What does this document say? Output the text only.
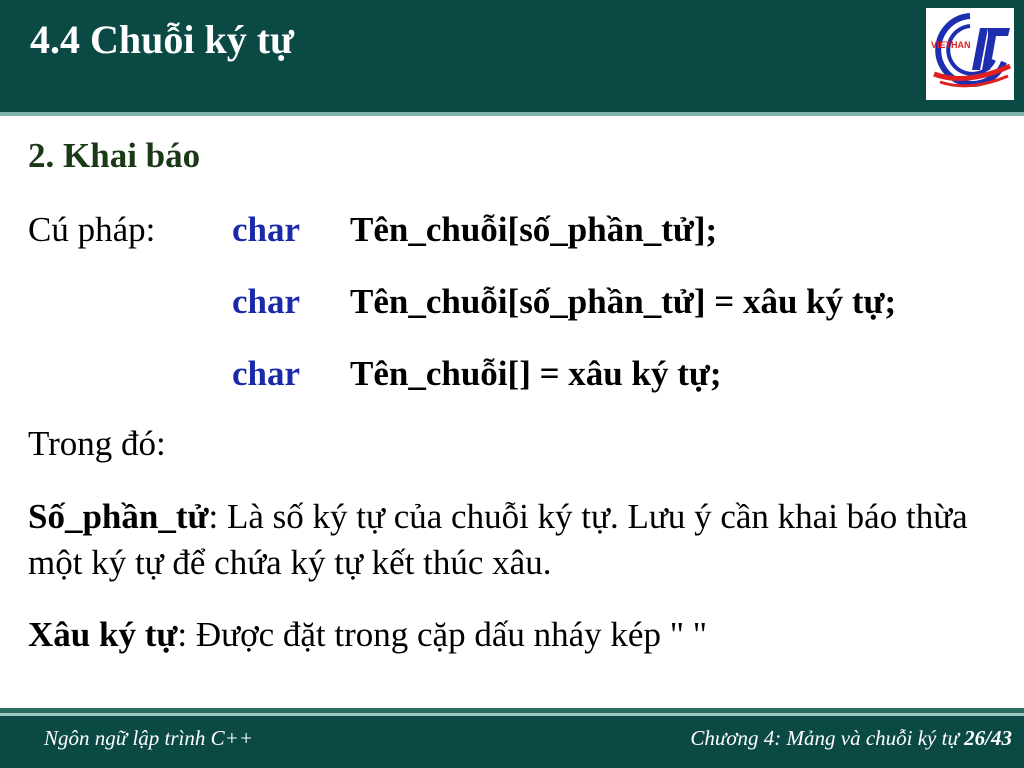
4.4 Chuỗi ký tự	VIETHAN
2. Khai báo
Cú pháp: char Tên_chuỗi[số_phần_tử];
char Tên_chuỗi[số_phần_tử] = xâu ký tự;
char Tên_chuỗi[] = xâu ký tự;
Trong đó:
Số_phần_tử: Là số ký tự của chuỗi ký tự. Lưu ý cần khai báo thừa một ký tự để chứa ký tự kết thúc xâu.
Xâu ký tự: Được đặt trong cặp dấu nháy kép " "
Ngôn ngữ lập trình C++	Chương 4: Mảng và chuỗi ký tự 26/43
